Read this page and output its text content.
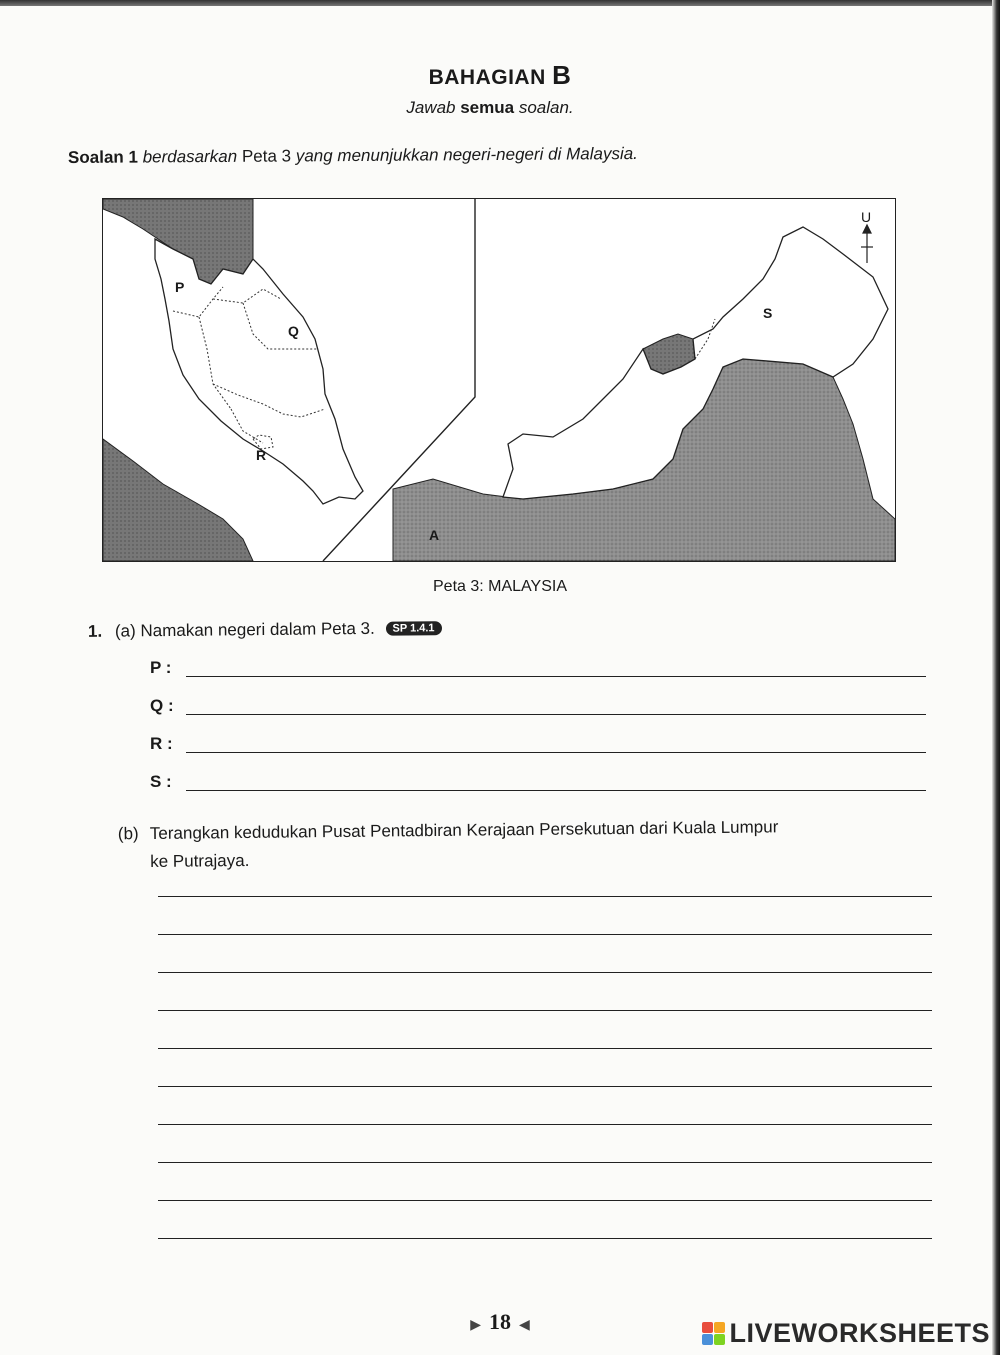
BAHAGIAN B
Jawab semua soalan.
Soalan 1 berdasarkan Peta 3 yang menunjukkan negeri-negeri di Malaysia.
P
Q
R
S
A
U
Peta 3: MALAYSIA
1. (a) Namakan negeri dalam Peta 3. SP 1.4.1
P :
Q :
R :
S :
(b) Terangkan kedudukan Pusat Pentadbiran Kerajaan Persekutuan dari Kuala Lumpur
ke Putrajaya.
▶ 18 ◀	LIVEWORKSHEETS
